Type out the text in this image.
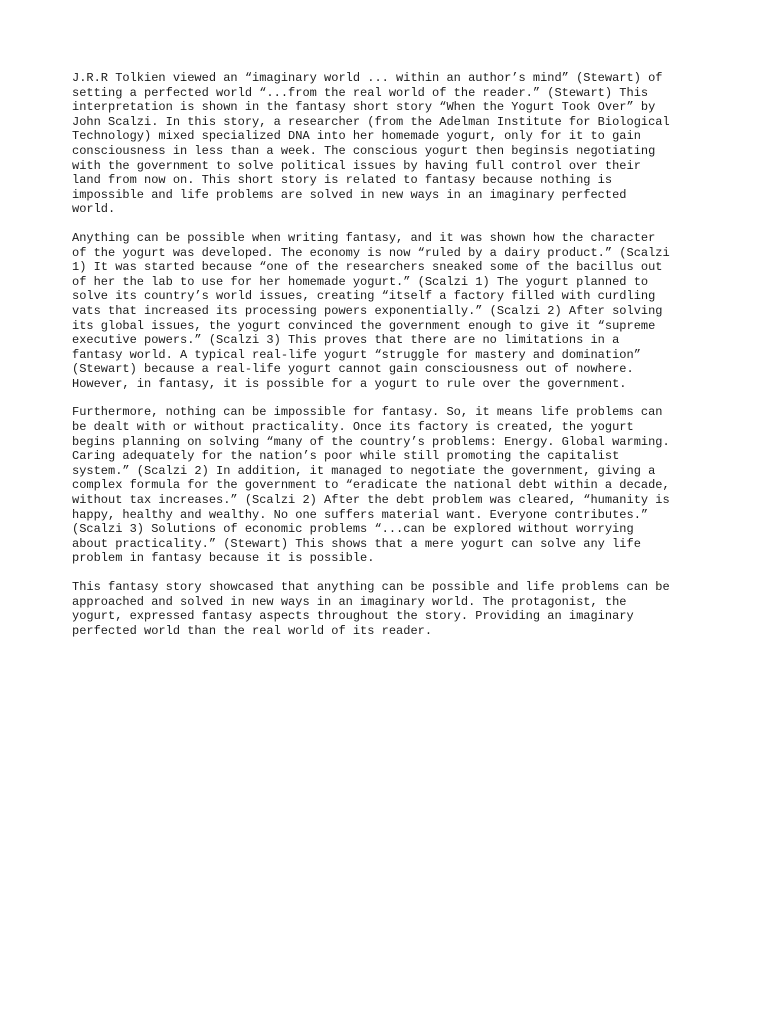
J.R.R Tolkien viewed an “imaginary world ... within an author’s mind” (Stewart) of
setting a perfected world “...from the real world of the reader.” (Stewart) This
interpretation is shown in the fantasy short story “When the Yogurt Took Over” by
John Scalzi. In this story, a researcher (from the Adelman Institute for Biological
Technology) mixed specialized DNA into her homemade yogurt, only for it to gain
consciousness in less than a week. The conscious yogurt then beginsis negotiating
with the government to solve political issues by having full control over their
land from now on. This short story is related to fantasy because nothing is
impossible and life problems are solved in new ways in an imaginary perfected
world.

Anything can be possible when writing fantasy, and it was shown how the character
of the yogurt was developed. The economy is now “ruled by a dairy product.” (Scalzi
1) It was started because “one of the researchers sneaked some of the bacillus out
of her the lab to use for her homemade yogurt.” (Scalzi 1) The yogurt planned to
solve its country’s world issues, creating “itself a factory filled with curdling
vats that increased its processing powers exponentially.” (Scalzi 2) After solving
its global issues, the yogurt convinced the government enough to give it “supreme
executive powers.” (Scalzi 3) This proves that there are no limitations in a
fantasy world. A typical real-life yogurt “struggle for mastery and domination”
(Stewart) because a real-life yogurt cannot gain consciousness out of nowhere.
However, in fantasy, it is possible for a yogurt to rule over the government.

Furthermore, nothing can be impossible for fantasy. So, it means life problems can
be dealt with or without practicality. Once its factory is created, the yogurt
begins planning on solving “many of the country’s problems: Energy. Global warming.
Caring adequately for the nation’s poor while still promoting the capitalist
system.” (Scalzi 2) In addition, it managed to negotiate the government, giving a
complex formula for the government to “eradicate the national debt within a decade,
without tax increases.” (Scalzi 2) After the debt problem was cleared, “humanity is
happy, healthy and wealthy. No one suffers material want. Everyone contributes.”
(Scalzi 3) Solutions of economic problems “...can be explored without worrying
about practicality.” (Stewart) This shows that a mere yogurt can solve any life
problem in fantasy because it is possible.

This fantasy story showcased that anything can be possible and life problems can be
approached and solved in new ways in an imaginary world. The protagonist, the
yogurt, expressed fantasy aspects throughout the story. Providing an imaginary
perfected world than the real world of its reader.
